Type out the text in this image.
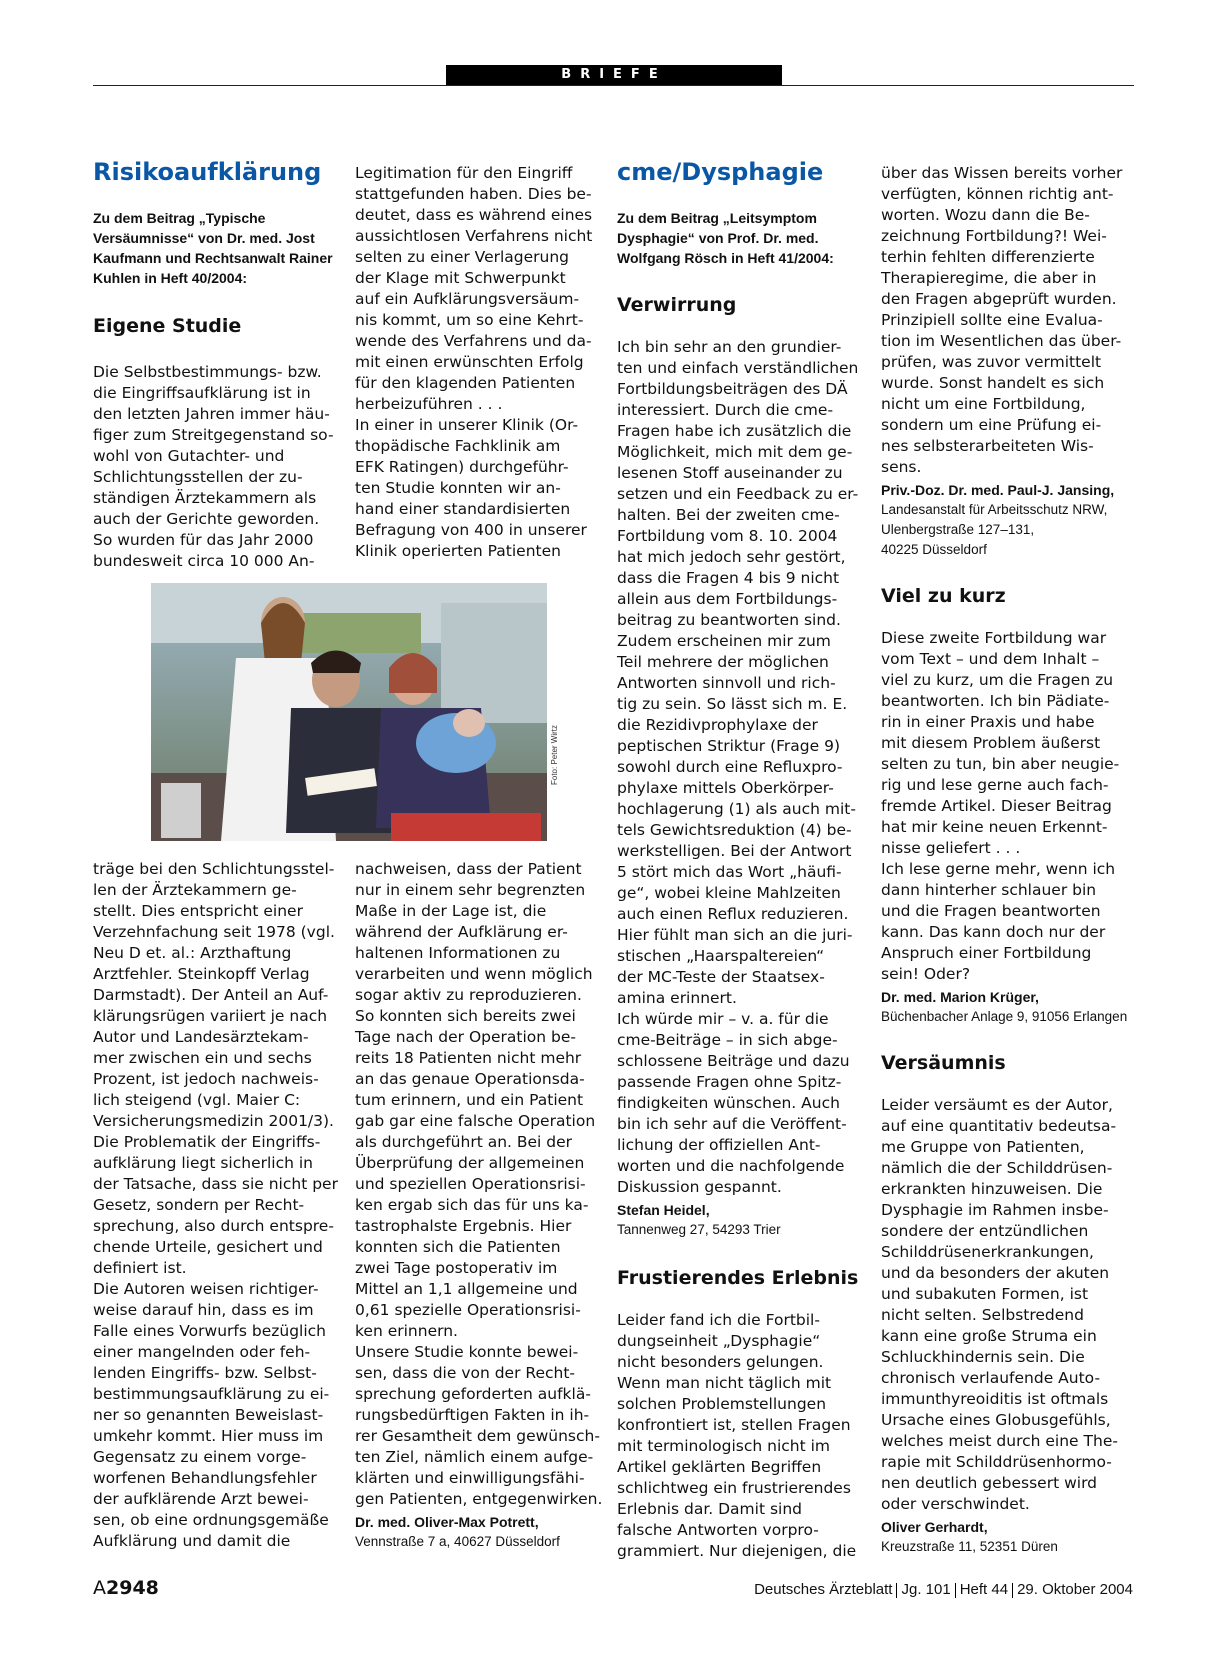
BRIEFE
Risikoaufklärung

Zu dem Beitrag „Typische Versäumnisse“ von Dr. med. Jost Kaufmann und Rechtsanwalt Rainer Kuhlen in Heft 40/2004:

Eigene Studie

Die Selbstbestimmungs- bzw.
die Eingriffsaufklärung ist in
den letzten Jahren immer häu-
figer zum Streitgegenstand so-
wohl von Gutachter- und
Schlichtungsstellen der zu-
ständigen Ärztekammern als
auch der Gerichte geworden.
So wurden für das Jahr 2000
bundesweit circa 10 000 An-

träge bei den Schlichtungsstel-
len der Ärztekammern ge-
stellt. Dies entspricht einer
Verzehnfachung seit 1978 (vgl.
Neu D et. al.: Arzthaftung
Arztfehler. Steinkopff Verlag
Darmstadt). Der Anteil an Auf-
klärungsrügen variiert je nach
Autor und Landesärztekam-
mer zwischen ein und sechs
Prozent, ist jedoch nachweis-
lich steigend (vgl. Maier C:
Versicherungsmedizin 2001/3).
Die Problematik der Eingriffs-
aufklärung liegt sicherlich in
der Tatsache, dass sie nicht per
Gesetz, sondern per Recht-
sprechung, also durch entspre-
chende Urteile, gesichert und
definiert ist.
Die Autoren weisen richtiger-
weise darauf hin, dass es im
Falle eines Vorwurfs bezüglich
einer mangelnden oder feh-
lenden Eingriffs- bzw. Selbst-
bestimmungsaufklärung zu ei-
ner so genannten Beweislast-
umkehr kommt. Hier muss im
Gegensatz zu einem vorge-
worfenen Behandlungsfehler
der aufklärende Arzt bewei-
sen, ob eine ordnungsgemäße
Aufklärung und damit die

Legitimation für den Eingriff
stattgefunden haben. Dies be-
deutet, dass es während eines
aussichtlosen Verfahrens nicht
selten zu einer Verlagerung
der Klage mit Schwerpunkt
auf ein Aufklärungsversäum-
nis kommt, um so eine Kehrt-
wende des Verfahrens und da-
mit einen erwünschten Erfolg
für den klagenden Patienten
herbeizuführen . . .
In einer in unserer Klinik (Or-
thopädische Fachklinik am
EFK Ratingen) durchgeführ-
ten Studie konnten wir an-
hand einer standardisierten
Befragung von 400 in unserer
Klinik operierten Patienten

nachweisen, dass der Patient
nur in einem sehr begrenzten
Maße in der Lage ist, die
während der Aufklärung er-
haltenen Informationen zu
verarbeiten und wenn möglich
sogar aktiv zu reproduzieren.
So konnten sich bereits zwei
Tage nach der Operation be-
reits 18 Patienten nicht mehr
an das genaue Operationsda-
tum erinnern, und ein Patient
gab gar eine falsche Operation
als durchgeführt an. Bei der
Überprüfung der allgemeinen
und speziellen Operationsrisi-
ken ergab sich das für uns ka-
tastrophalste Ergebnis. Hier
konnten sich die Patienten
zwei Tage postoperativ im
Mittel an 1,1 allgemeine und
0,61 spezielle Operationsrisi-
ken erinnern.
Unsere Studie konnte bewei-
sen, dass die von der Recht-
sprechung geforderten aufklä-
rungsbedürftigen Fakten in ih-
rer Gesamtheit dem gewünsch-
ten Ziel, nämlich einem aufge-
klärten und einwilligungsfähi-
gen Patienten, entgegenwirken.

Dr. med. Oliver-Max Potrett,

Vennstraße 7 a, 40627 Düsseldorf

Foto: Peter Wirtz
cme/Dysphagie

Zu dem Beitrag „Leitsymptom Dysphagie“ von Prof. Dr. med. Wolfgang Rösch in Heft 41/2004:

Verwirrung

Ich bin sehr an den grundier-
ten und einfach verständlichen
Fortbildungsbeiträgen des DÄ
interessiert. Durch die cme-
Fragen habe ich zusätzlich die
Möglichkeit, mich mit dem ge-
lesenen Stoff auseinander zu
setzen und ein Feedback zu er-
halten. Bei der zweiten cme-
Fortbildung vom 8. 10. 2004
hat mich jedoch sehr gestört,
dass die Fragen 4 bis 9 nicht
allein aus dem Fortbildungs-
beitrag zu beantworten sind.
Zudem erscheinen mir zum
Teil mehrere der möglichen
Antworten sinnvoll und rich-
tig zu sein. So lässt sich m. E.
die Rezidivprophylaxe der
peptischen Striktur (Frage 9)
sowohl durch eine Refluxpro-
phylaxe mittels Oberkörper-
hochlagerung (1) als auch mit-
tels Gewichtsreduktion (4) be-
werkstelligen. Bei der Antwort
5 stört mich das Wort „häufi-
ge“, wobei kleine Mahlzeiten
auch einen Reflux reduzieren.
Hier fühlt man sich an die juri-
stischen „Haarspaltereien“
der MC-Teste der Staatsex-
amina erinnert.
Ich würde mir – v. a. für die
cme-Beiträge – in sich abge-
schlossene Beiträge und dazu
passende Fragen ohne Spitz-
findigkeiten wünschen. Auch
bin ich sehr auf die Veröffent-
lichung der offiziellen Ant-
worten und die nachfolgende
Diskussion gespannt.

Stefan Heidel,

Tannenweg 27, 54293 Trier

Frustierendes Erlebnis

Leider fand ich die Fortbil-
dungseinheit „Dysphagie“
nicht besonders gelungen.
Wenn man nicht täglich mit
solchen Problemstellungen
konfrontiert ist, stellen Fragen
mit terminologisch nicht im
Artikel geklärten Begriffen
schlichtweg ein frustrierendes
Erlebnis dar. Damit sind
falsche Antworten vorpro-
grammiert. Nur diejenigen, die

über das Wissen bereits vorher
verfügten, können richtig ant-
worten. Wozu dann die Be-
zeichnung Fortbildung?! Wei-
terhin fehlten differenzierte
Therapieregime, die aber in
den Fragen abgeprüft wurden.
Prinzipiell sollte eine Evalua-
tion im Wesentlichen das über-
prüfen, was zuvor vermittelt
wurde. Sonst handelt es sich
nicht um eine Fortbildung,
sondern um eine Prüfung ei-
nes selbsterarbeiteten Wis-
sens.

Priv.-Doz. Dr. med. Paul-J. Jansing,

Landesanstalt für Arbeitsschutz NRW,
Ulenbergstraße 127–131,
40225 Düsseldorf

Viel zu kurz

Diese zweite Fortbildung war
vom Text – und dem Inhalt –
viel zu kurz, um die Fragen zu
beantworten. Ich bin Pädiate-
rin in einer Praxis und habe
mit diesem Problem äußerst
selten zu tun, bin aber neugie-
rig und lese gerne auch fach-
fremde Artikel. Dieser Beitrag
hat mir keine neuen Erkennt-
nisse geliefert . . .
Ich lese gerne mehr, wenn ich
dann hinterher schlauer bin
und die Fragen beantworten
kann. Das kann doch nur der
Anspruch einer Fortbildung
sein! Oder?

Dr. med. Marion Krüger,

Büchenbacher Anlage 9, 91056 Erlangen

Versäumnis

Leider versäumt es der Autor,
auf eine quantitativ bedeutsa-
me Gruppe von Patienten,
nämlich die der Schilddrüsen-
erkrankten hinzuweisen. Die
Dysphagie im Rahmen insbe-
sondere der entzündlichen
Schilddrüsenerkrankungen,
und da besonders der akuten
und subakuten Formen, ist
nicht selten. Selbstredend
kann eine große Struma ein
Schluckhindernis sein. Die
chronisch verlaufende Auto-
immunthyreoiditis ist oftmals
Ursache eines Globusgefühls,
welches meist durch eine The-
rapie mit Schilddrüsenhormo-
nen deutlich gebessert wird
oder verschwindet.

Oliver Gerhardt,

Kreuzstraße 11, 52351 Düren

A2948	Deutsches Ärzteblatt Jg. 101 Heft 44 29. Oktober 2004
